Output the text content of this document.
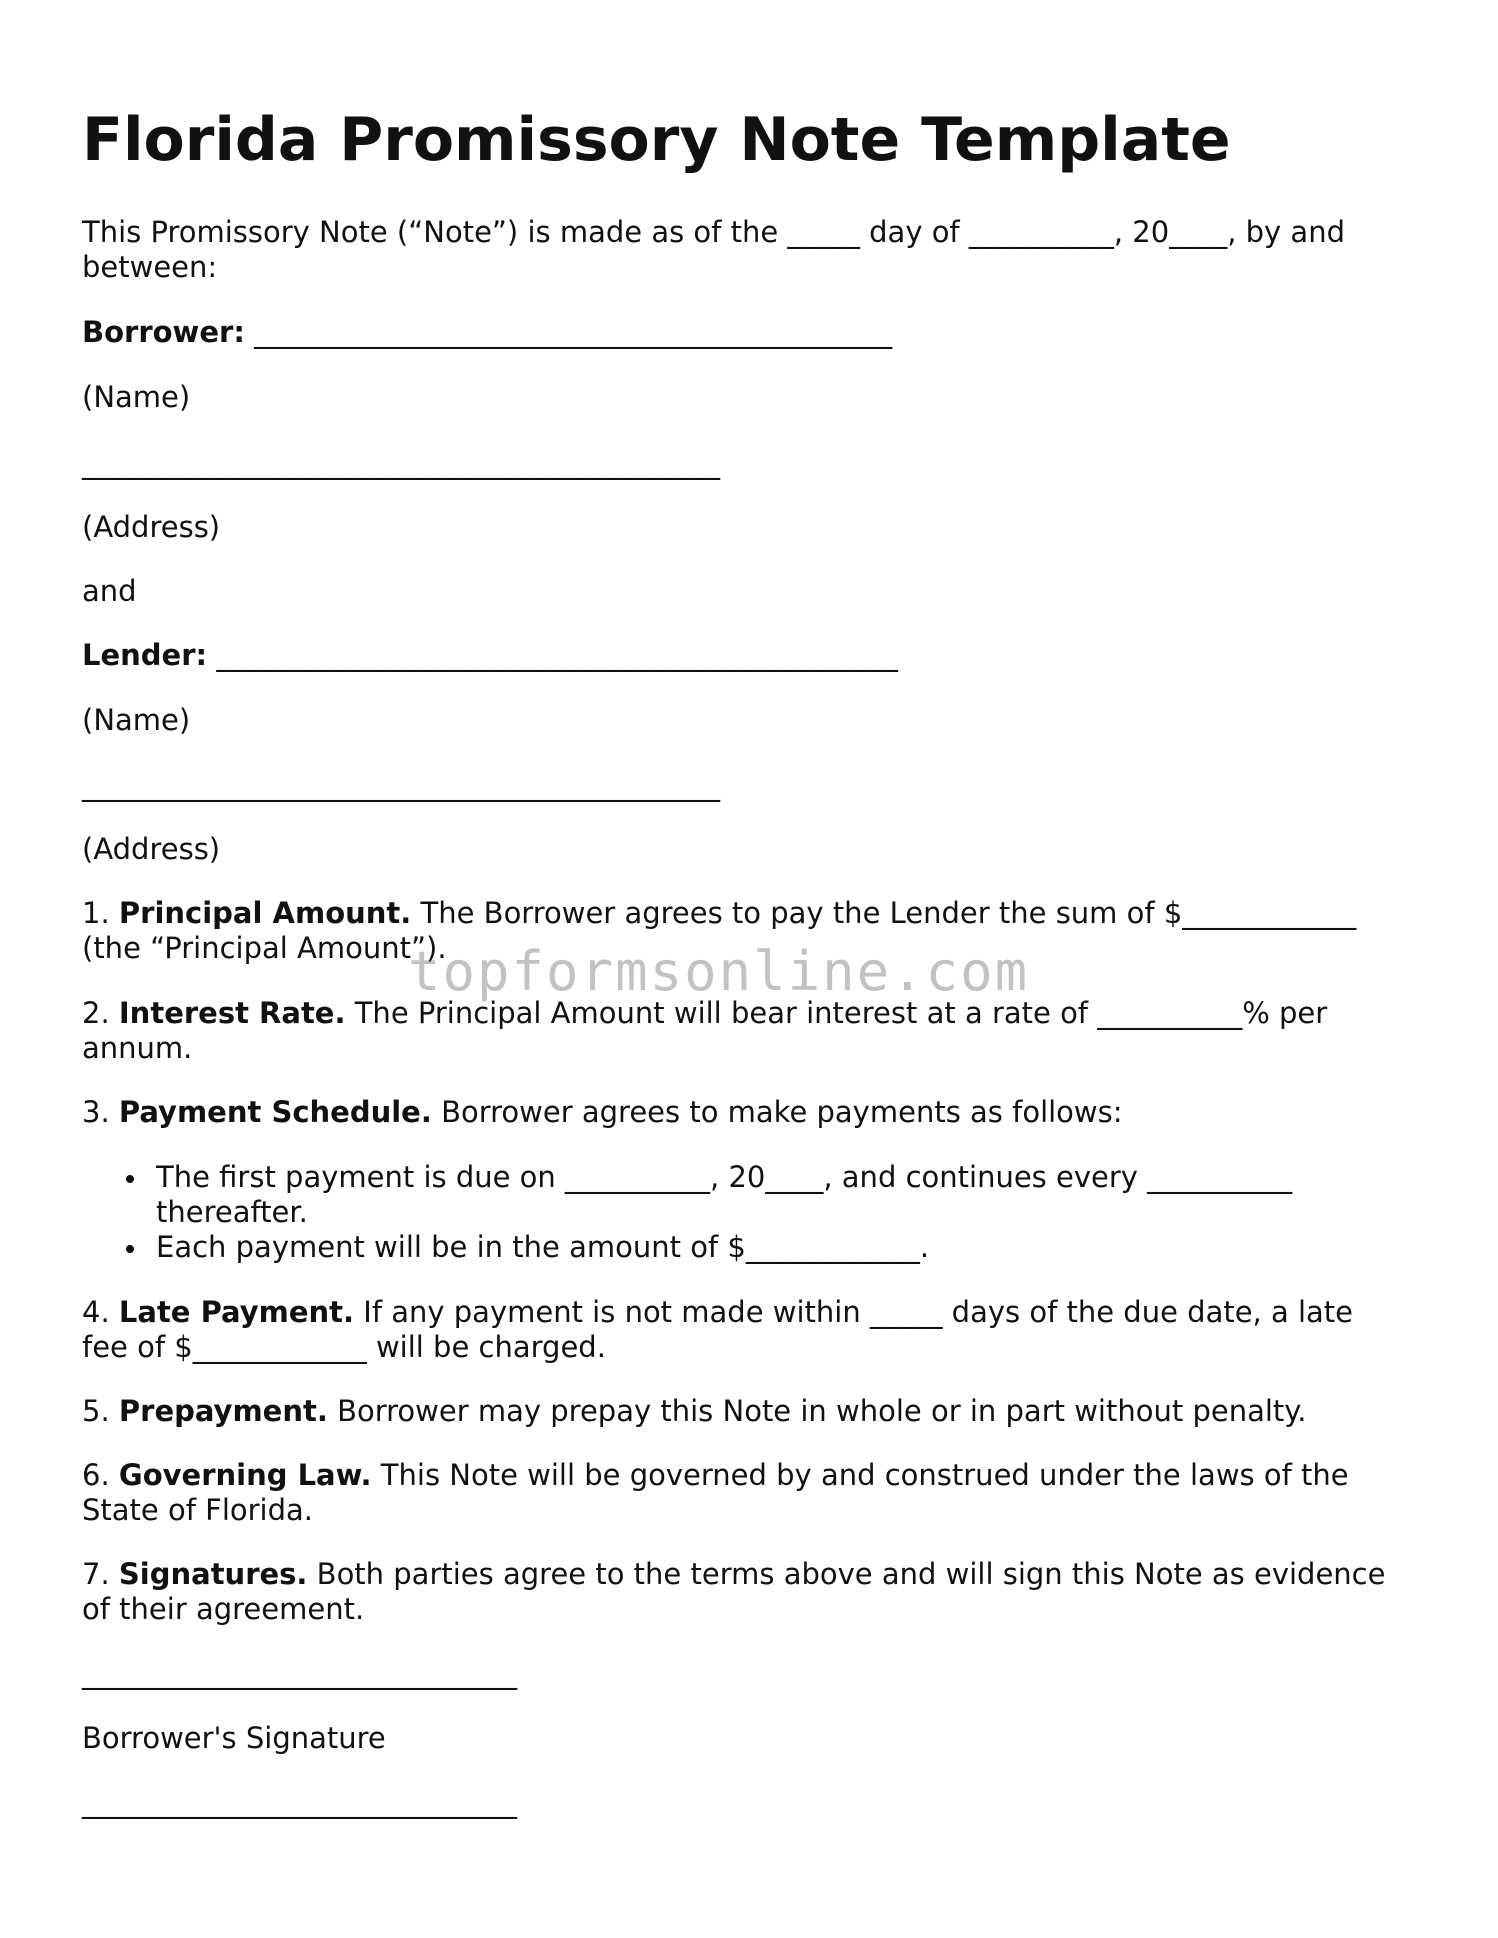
Florida Promissory Note Template

This Promissory Note (“Note”) is made as of the _____ day of __________, 20____, by and
between:

Borrower: ____________________________________________

(Name)

____________________________________________

(Address)

and

Lender: _______________________________________________

(Name)

____________________________________________

(Address)

1. Principal Amount. The Borrower agrees to pay the Lender the sum of $____________
(the “Principal Amount”).

2. Interest Rate. The Principal Amount will bear interest at a rate of __________% per
annum.

3. Payment Schedule. Borrower agrees to make payments as follows:

The first payment is due on __________, 20____, and continues every __________
thereafter.
Each payment will be in the amount of $____________.

4. Late Payment. If any payment is not made within _____ days of the due date, a late
fee of $____________ will be charged.

5. Prepayment. Borrower may prepay this Note in whole or in part without penalty.

6. Governing Law. This Note will be governed by and construed under the laws of the
State of Florida.

7. Signatures. Both parties agree to the terms above and will sign this Note as evidence
of their agreement.

______________________________

Borrower's Signature

______________________________

topformsonline.com
